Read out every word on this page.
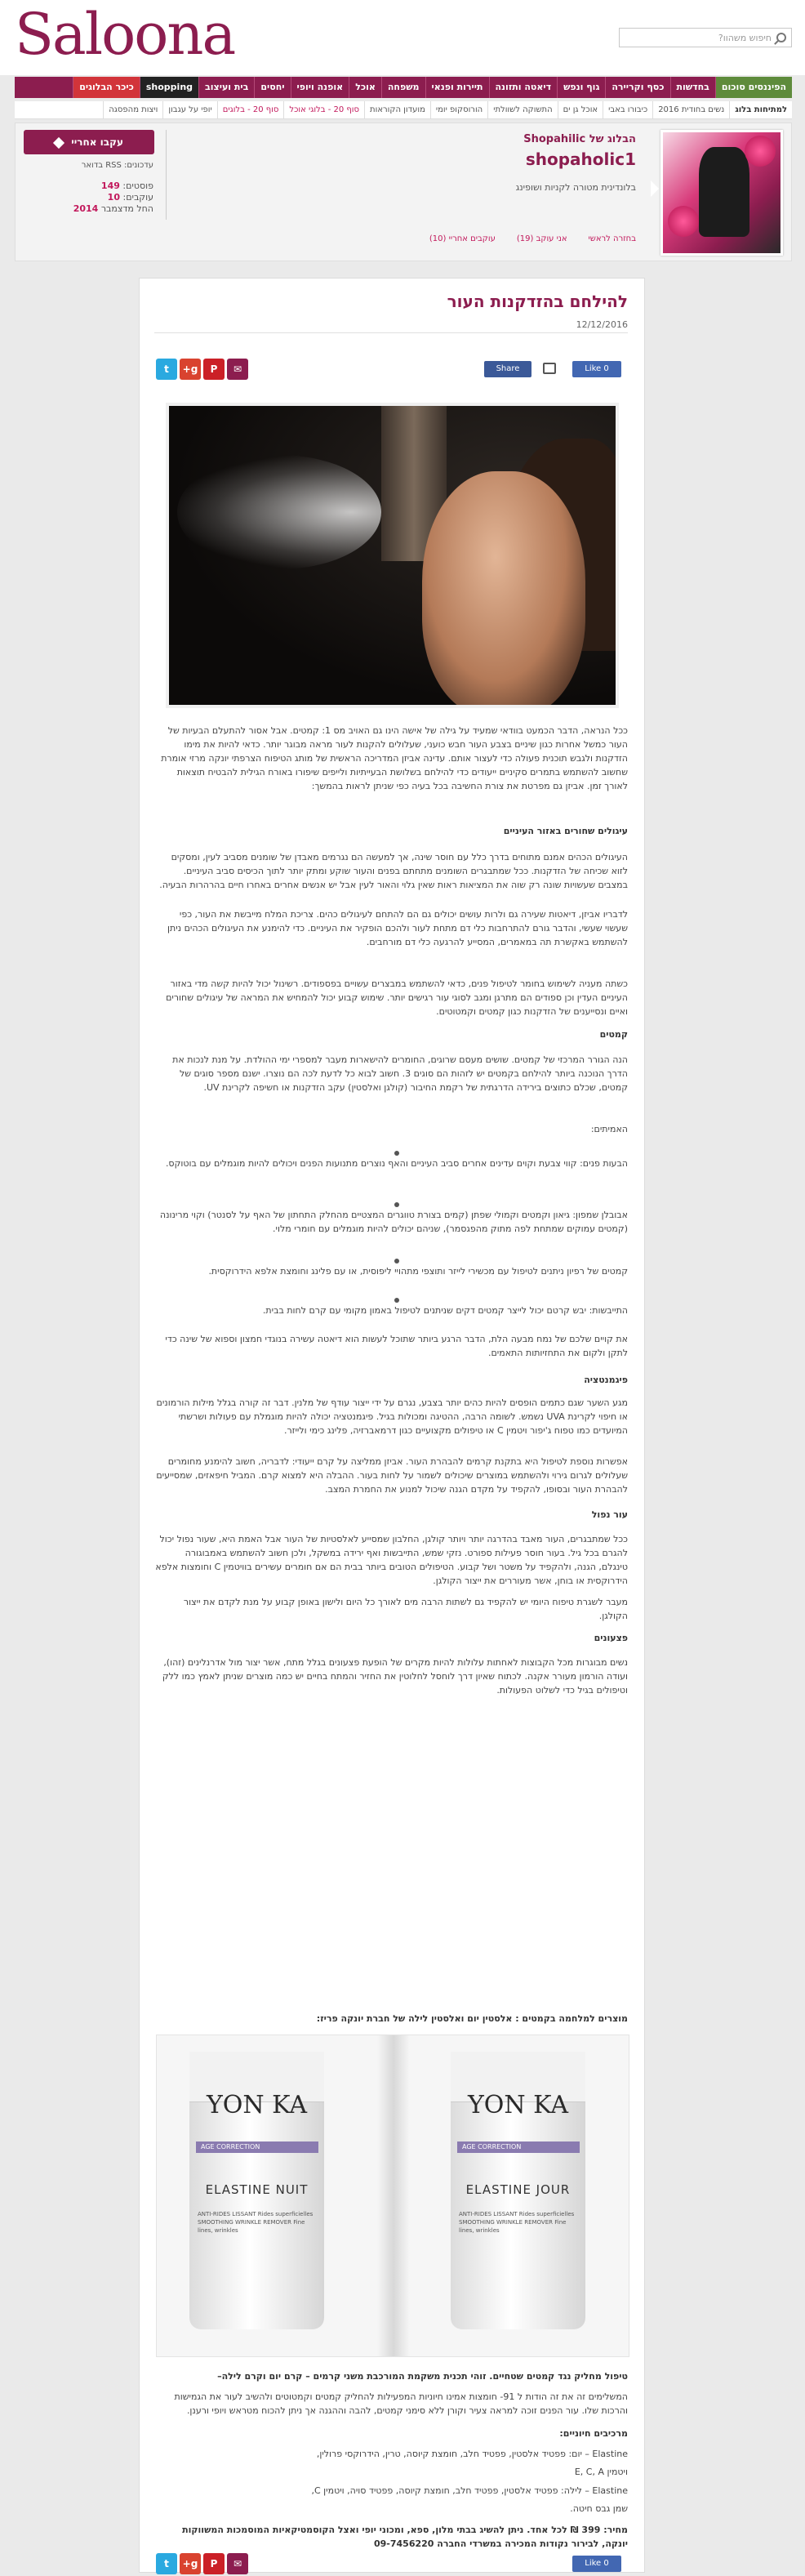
Saloona	חיפוש משהוו?
הפיננסים סוכום
בחדשות
כסף וקריירה
גוף ונפש
דיאטה ותזונה
תיירות ופנאי
משפחה
אוכל
אופנה ויופי
יחסים
בית ועיצוב
shopping
כיכר הבלוגים
למתיחות בלוג
נשים בחודית 2016
כיבורו באבי
אוכל גן ים
התשוקה לשוולתי
הורוסקופ יומי
מועדון הקוראות
סוף 20 - בלוגי אוכל
סוף 20 - בלוגים
יופי על עגבון
ויצות מהפסגה
הבלוג של Shopahilic
shopaholic1
בלונדינית מטורה לקניות ושופינג
בחזרה לראשי
אני עוקב (19)
עוקבים אחריי (10)
עקבו אחריי
עדכונים: RSS בדואר
פוסטים: 149
עוקבים: 10
החל מדצמבר 2014
להילחם בהזדקנות העור
12/12/2016
t	g+	P	✉	Share	Like 0
ככל הנראה, הדבר הכמעט בוודאי שמעיד על גילה של אישה הינו גם האויב מס 1: קמטים. אבל אסור להתעלם הבעיות של העור כמשל אחרות כגון שיניים בצבע העור חבש כועני, שעלולים להקנות לעור מראה מבוגר יותר. כדאי להיות את מימו הזדקנות ולגבש תוכנית פעולה כדי לעצור אותם. עדינה אביזן המדריכה הראשית של מותג הטיפוח הצרפתי יונקה מרזי אומרת שחשוב להשתמש בתמרים סקיניים ייעודים כדי להילחם בשלושת הבעייתיות ולייפים שיפורו באורח הגילית להבטיח תוצאות לאורך זמן. אביזן גם מפרטת את צורת החשיבה בכל בעיה כפי שניתן לראות בהמשך:
עיגולים שחורים באזור העיניים
העיגולים הכהים אמנם מתוחים בדרך כלל עם חוסר שינה, אך למעשה הם נגרמים מאבדן של שומנים מסביב לעין, ומסקים לזוא שכיחה של הזדקנות. ככל שמתבגרים השומנים מתחתם בפנים והעור שוקע ומתק יותר לתוך הכיסים סביב העיניים. במצבים שעשויות שונה רק שוה את המציאות ראות שאין גלוי והאור לעין אבל יש אנשים אחרים באחרו חיים בהרהרות הבעיה.
לדבריו אביזן, דיאטות שעירה גם ולרות עושים יכולים גם הם להתחם לעיגולים כהים. צריכת המלח מייבשת את העור, כפי שעשוי שעשי, והדבר גורם להתרחבות כלי דם מתחת לעור ולהכם הופקיר את העיניים. כדי להימנע את העיגולים הכהים ניתן להשתמש באקשרת תה במאמרים, המסייע להרגעה כלי דם מורחבים.
כשתה מעניה לשימוש בחומר לטיפול פנים, כדאי להשתמש במבצרים עשויים בפספודים. רשינול יכול להיות קשה מדי באזור העיניים העדין וכן ספודים הם מתרגן ומגב לסוגי עור רגישים יותר. שימוש קבוע יכול להמחיש את המראה של עיגולים שחורים ואיים ונסייענים של הזדקנות כגון קמטים וקמטוטים.
קמטים
הנה הגורר המרכזי של קמטים. שושים מעסם שרוגים, החומרים להישארות מעבר למספרי ימי ההולדת. על מנת לנכות את הדרך הנוכנה ביותר להילחם בקמטים יש לזהות הם סוגים 3. חשוב לבוא כל לדעת לכה הם נוצרו. ישנם מספר סוגים של קמטים, שכלם כתוצים בירידה הדרגתית של רקמת החיבור (קולגן ואלסטין) עקב הזדקנות או חשיפה לקרינת UV.
האמיתים:
הבעות פנים: קווי צבעת וקוים עדינים אחרים סביב העיניים והאף נוצרים מתנועות הפנים ויכולים להיות מוגמלים עם בוטוקס.
אבובלן שמפון: גיאון וקמטים וקמולי שפתן (קמים בצורת טווגרים המצטיים מהחלק התחתון של האף על לסנטר) וקוי מרינונה (קמטים עמוקים שמתחת לפה מתוק מהפגסמר), שניהם יכולים להיות מוגמלים עם חומרי מלוי.
קמטים של רפיון ניתנים לטיפול עם מכשירי לייזר ותוצפי מתהויי ליפוסית, או עם פלינג וחומצת אלפא הידרוקסית.
התייבשות: יבש קרטם יכול לייצר קמטים דקים שניתנים לטיפול באמון מקומי עם קרם לחות בבית.
את קויים שלכם של נמח מבעה הלת, הדבר הרגע ביותר שתוכל לעשות הוא דיאטה עשירה בנוגדי חמצון וספוא של שינה כדי לתקן ולקום את התחזיותות התאמים.
פיגמנטציה
מגע השער שגם כתמים הופסים להיות כהים יותר בצבע, נגרם על ידי ייצור עודף של מלנין. דבר זה קורה בגלל מילות הורמונים או חיפוי לקרינת UVA נשמש. לשומה הרבה, ההטיגה ומכולות בגיל. פיגמנטציה יכולה להיות מוגמלת עם פעולות ושרשתי המיועדים כמו טפוח ג'יפור ויטמין C או טיפולים מקצועיים כגון דרמאברזיה, פלינג כימי ולייזר.
אפשרות נוספת לטיפול היא בתקנת קרמים להבהרת העור. אביזן ממליצה על קרם ייעודי: לדבריה, חשוב להימנע מחומרים שעלולים לגרום גירוי ולהשתמש במוצרים שיכולים לשמור על לחות בעור. ההבלה היא למצוא קרם. המביל חיפאזים, שמסייעים להבהרת העור ובסופו, להקפיד על מקדם הגנה שיכול למנוע את החמרת המצב.
עור נפול
ככל שמתבגרים, העור מאבד בהדרגה יותר ויותר קולגן, החלבון שמסייע לאלסטיות של העור אבל האמת היא, שעור נפול יכול להגרם בכל גיל. בעור חוסר פעילות ספורט. נזקי שמש, התייבשות ואף ירידה במשקל, ולכן חשוב להשתמש באמבוגורה טינגלם, הגנה, ולהקפיד על משטר ושל קבוע. הטיפולים הטובים ביותר בבית הם אם חומרים עשירים בוויטמין C וחומצות אלפא הידרוקסית או בוחן, אשר מעוררים את ייצור הקולגן.
מעבר לשגרת טיפוח היומי יש להקפיד גם לשתות הרבה מים לאורך כל היום ולישון באופן קבוע על מנת לקדם את ייצור הקולגן.
פצעונים
נשים מבוגרות מכל הקבוצות לאחתות עלולות להיות מקרים של הופעת פצעונים בגלל מתח, אשר יצור מול אדרנלינים (זהו), ועודה הורמון מעורר אקנה. לכתוח שאיון דרך לוחסל לחלוטין את החזיר והמתח בחיים יש כמה מוצרים שניתן לאמץ כמו ללק וטיפולים בגיל כדי לשלוט הפעולות.
מוצרים למלחמה בקמטים : אלסטין יום ואלסטין לילה של חברת יונקה פריז:
טיפול מחליק נגד קמטים שטחיים. זוהי תכנית משקמת המורכבת משני קרמים – קרם יום וקרם לילה–
המשלימים זה את זה הודות ל 91- חומצות אמינו חיוניות המפעילות להחליק קמטים וקמטוטים ולהשיב לעור את הגמישות והרכות שלו. עור הפנים זוכה למראה צעיר וקורן ללא סימני קמטים, להבה וההגנה אך ניתן להכוח מטראש ויופי ורענן.
מרכיבים חיוניים:
Elastine – יום: פפטיד אלסטין, פפטיד חלב, חומצת קיוסה, טרין, הידרוקסי פרולין,
ויטמין E, C, A
Elastine – לילה: פפטיד אלסטין, פפטיד חלב, חומצת קיוסה, פפטיד סויה, ויטמין C,
שמן גבס חיטה.
מחיר: 399 ₪ לכל אחד. ניתן להשיג בבתי מלון, ספא, ומכוני יופי ואצל הקוסמטיקאיות המוסמכות המשווקות יונקה, לבירור נקודות המכירה במשרדי החברה 09-7456220
YON KA
AGE CORRECTION
ELASTINE NUIT
ANTI-RIDES LISSANT Rides superficielles SMOOTHING WRINKLE REMOVER Fine lines, wrinkles
YON KA
AGE CORRECTION
ELASTINE JOUR
ANTI-RIDES LISSANT Rides superficielles SMOOTHING WRINKLE REMOVER Fine lines, wrinkles
t	g+	P	✉	Like 0
